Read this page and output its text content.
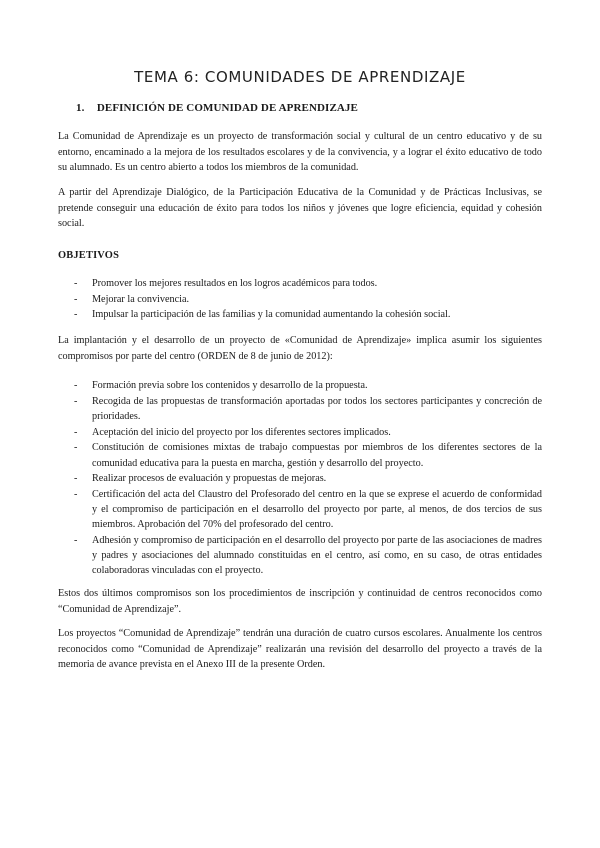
TEMA 6: COMUNIDADES DE APRENDIZAJE
1. DEFINICIÓN DE COMUNIDAD DE APRENDIZAJE

La Comunidad de Aprendizaje es un proyecto de transformación social y cultural de un centro educativo y de su entorno, encaminado a la mejora de los resultados escolares y de la convivencia, y a lograr el éxito educativo de todo su alumnado. Es un centro abierto a todos los miembros de la comunidad.

A partir del Aprendizaje Dialógico, de la Participación Educativa de la Comunidad y de Prácticas Inclusivas, se pretende conseguir una educación de éxito para todos los niños y jóvenes que logre eficiencia, equidad y cohesión social.

OBJETIVOS
- Promover los mejores resultados en los logros académicos para todos.
- Mejorar la convivencia.
- Impulsar la participación de las familias y la comunidad aumentando la cohesión social.

La implantación y el desarrollo de un proyecto de «Comunidad de Aprendizaje» implica asumir los siguientes compromisos por parte del centro (ORDEN de 8 de junio de 2012):

- Formación previa sobre los contenidos y desarrollo de la propuesta.
- Recogida de las propuestas de transformación aportadas por todos los sectores participantes y concreción de prioridades.
- Aceptación del inicio del proyecto por los diferentes sectores implicados.
- Constitución de comisiones mixtas de trabajo compuestas por miembros de los diferentes sectores de la comunidad educativa para la puesta en marcha, gestión y desarrollo del proyecto.
- Realizar procesos de evaluación y propuestas de mejoras.
- Certificación del acta del Claustro del Profesorado del centro en la que se exprese el acuerdo de conformidad y el compromiso de participación en el desarrollo del proyecto por parte, al menos, de dos tercios de sus miembros. Aprobación del 70% del profesorado del centro.
- Adhesión y compromiso de participación en el desarrollo del proyecto por parte de las asociaciones de madres y padres y asociaciones del alumnado constituidas en el centro, así como, en su caso, de otras entidades colaboradoras vinculadas con el proyecto.

Estos dos últimos compromisos son los procedimientos de inscripción y continuidad de centros reconocidos como “Comunidad de Aprendizaje”.

Los proyectos “Comunidad de Aprendizaje” tendrán una duración de cuatro cursos escolares. Anualmente los centros reconocidos como “Comunidad de Aprendizaje” realizarán una revisión del desarrollo del proyecto a través de la memoria de avance prevista en el Anexo III de la presente Orden.
